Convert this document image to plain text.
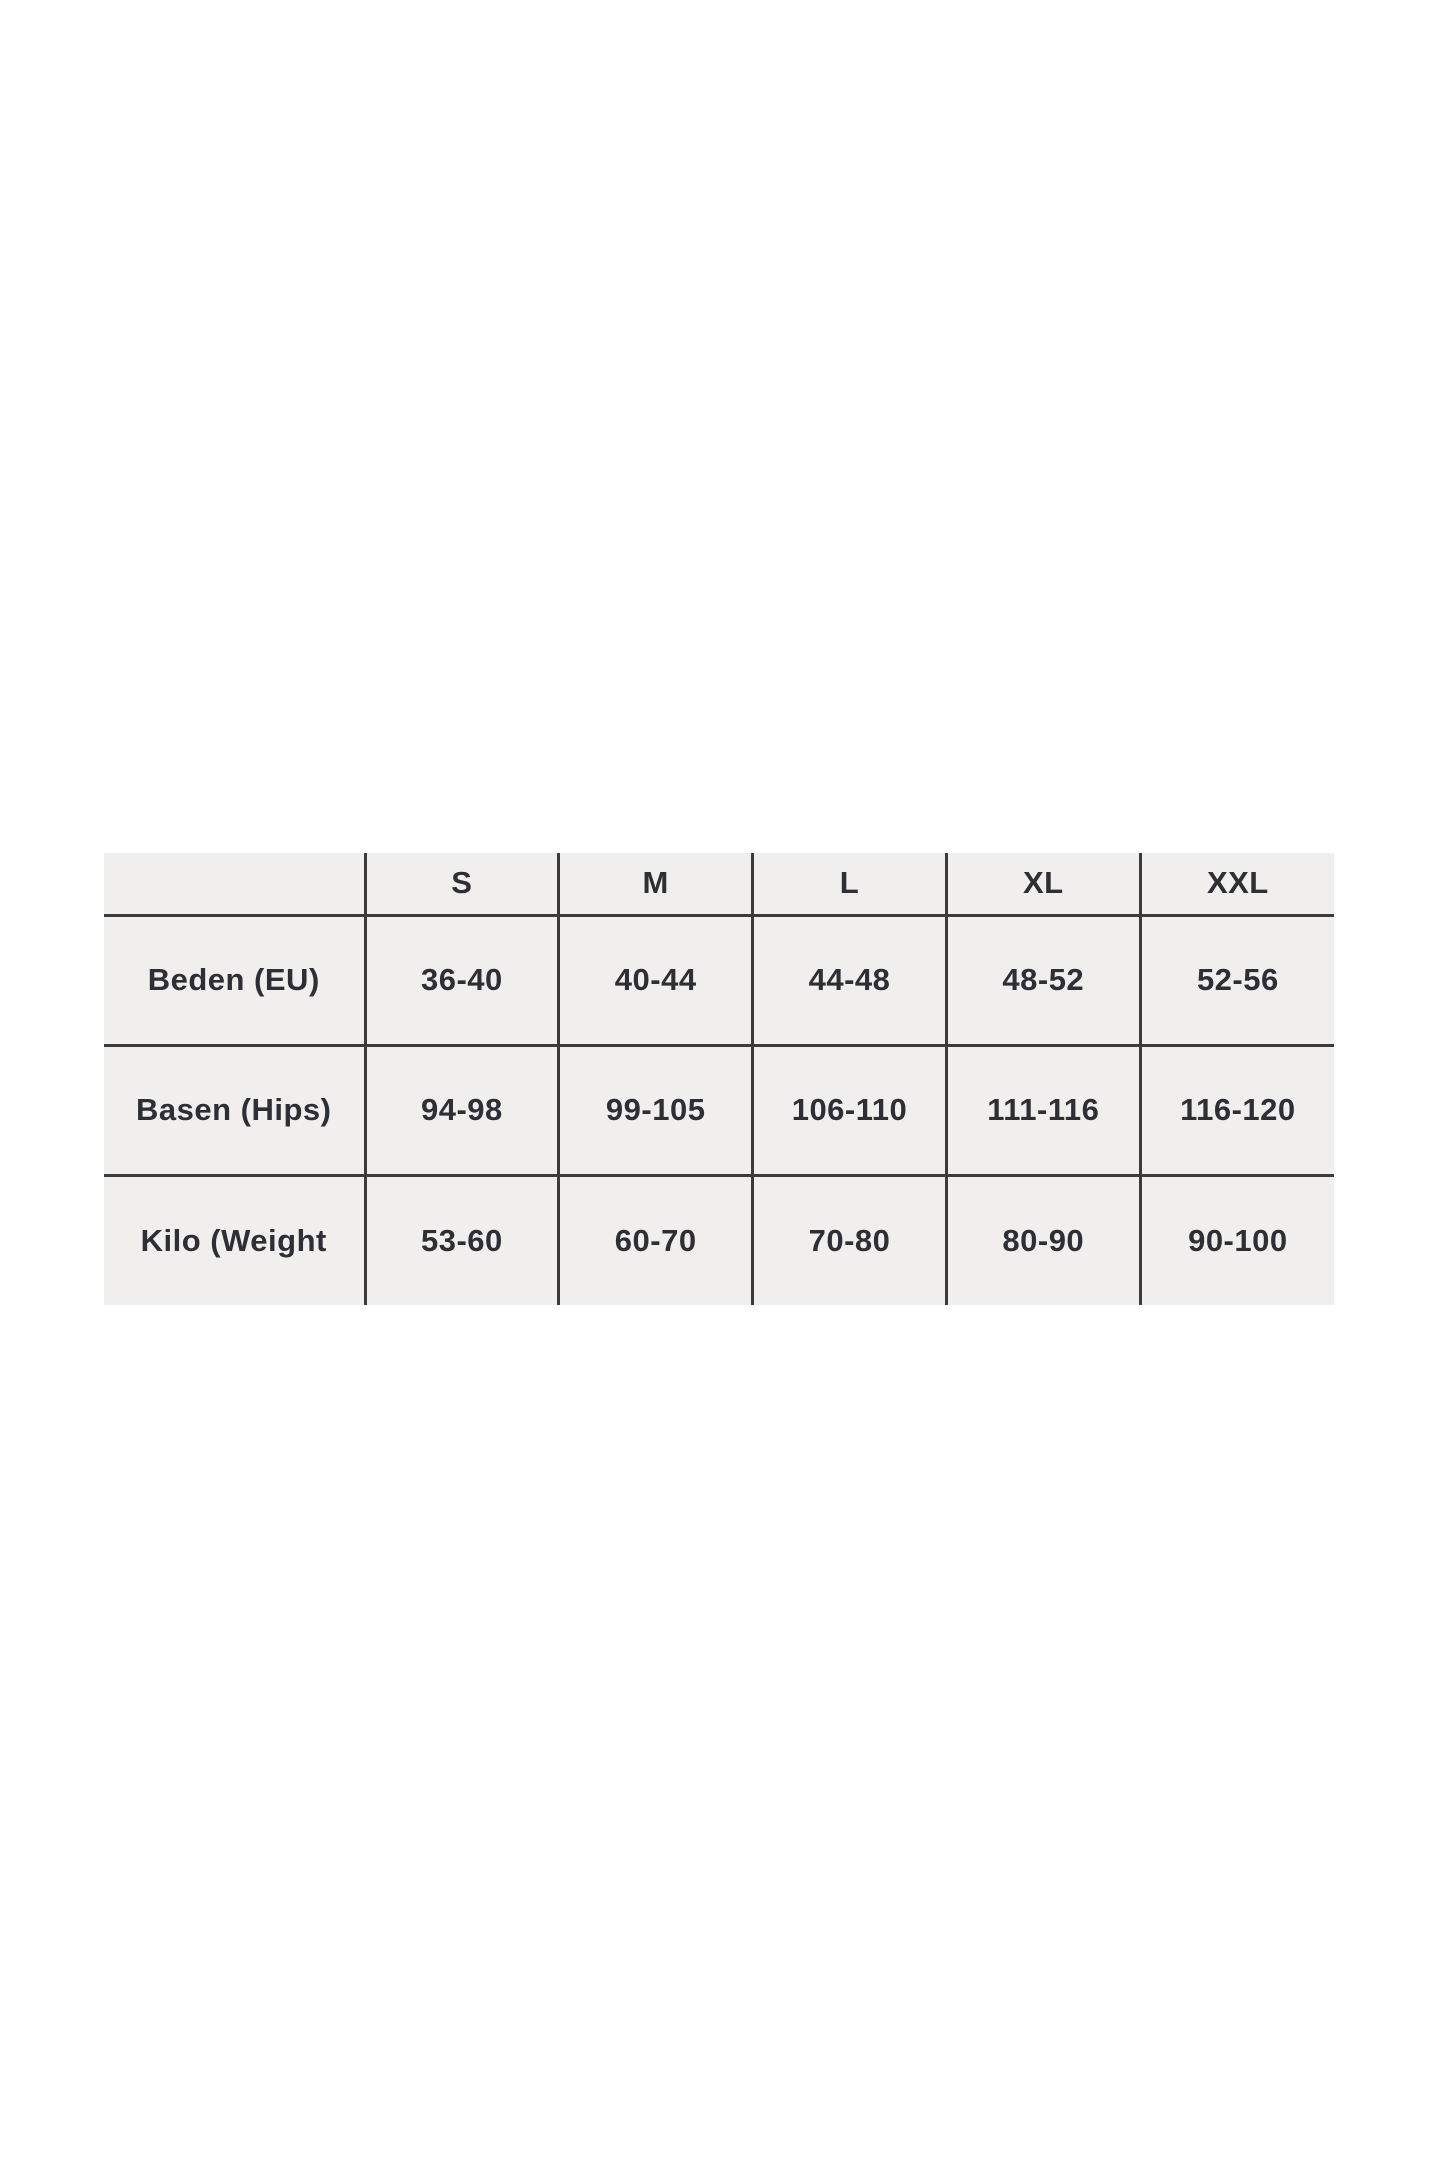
	S	M	L	XL	XXL
Beden (EU)	36-40	40-44	44-48	48-52	52-56
Basen (Hips)	94-98	99-105	106-110	111-116	116-120
Kilo (Weight	53-60	60-70	70-80	80-90	90-100
